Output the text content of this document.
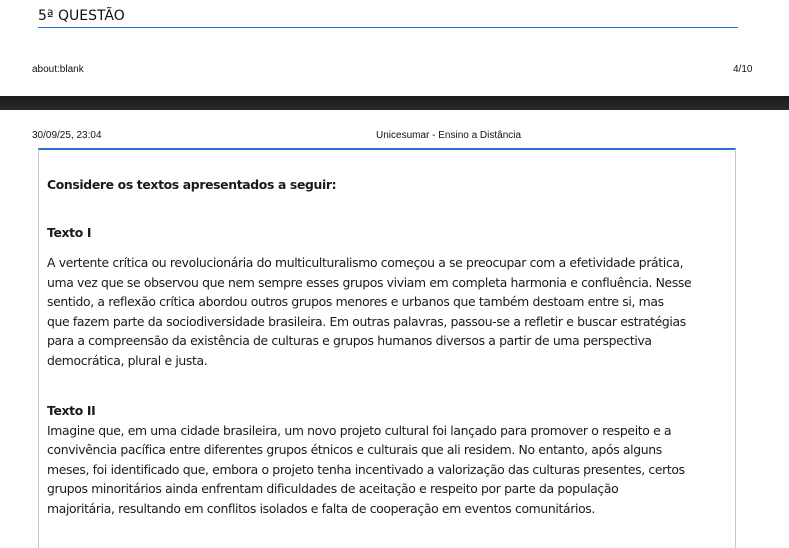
5ª QUESTÃO
about:blank	4/10
30/09/25, 23:04	Unicesumar - Ensino a Distância

Considere os textos apresentados a seguir:

Texto I

A vertente crítica ou revolucionária do multiculturalismo começou a se preocupar com a efetividade prática,
uma vez que se observou que nem sempre esses grupos viviam em completa harmonia e confluência. Nesse
sentido, a reflexão crítica abordou outros grupos menores e urbanos que também destoam entre si, mas
que fazem parte da sociodiversidade brasileira. Em outras palavras, passou-se a refletir e buscar estratégias
para a compreensão da existência de culturas e grupos humanos diversos a partir de uma perspectiva
democrática, plural e justa.

Texto II

Imagine que, em uma cidade brasileira, um novo projeto cultural foi lançado para promover o respeito e a
convivência pacífica entre diferentes grupos étnicos e culturais que ali residem. No entanto, após alguns
meses, foi identificado que, embora o projeto tenha incentivado a valorização das culturas presentes, certos
grupos minoritários ainda enfrentam dificuldades de aceitação e respeito por parte da população
majoritária, resultando em conflitos isolados e falta de cooperação em eventos comunitários.
